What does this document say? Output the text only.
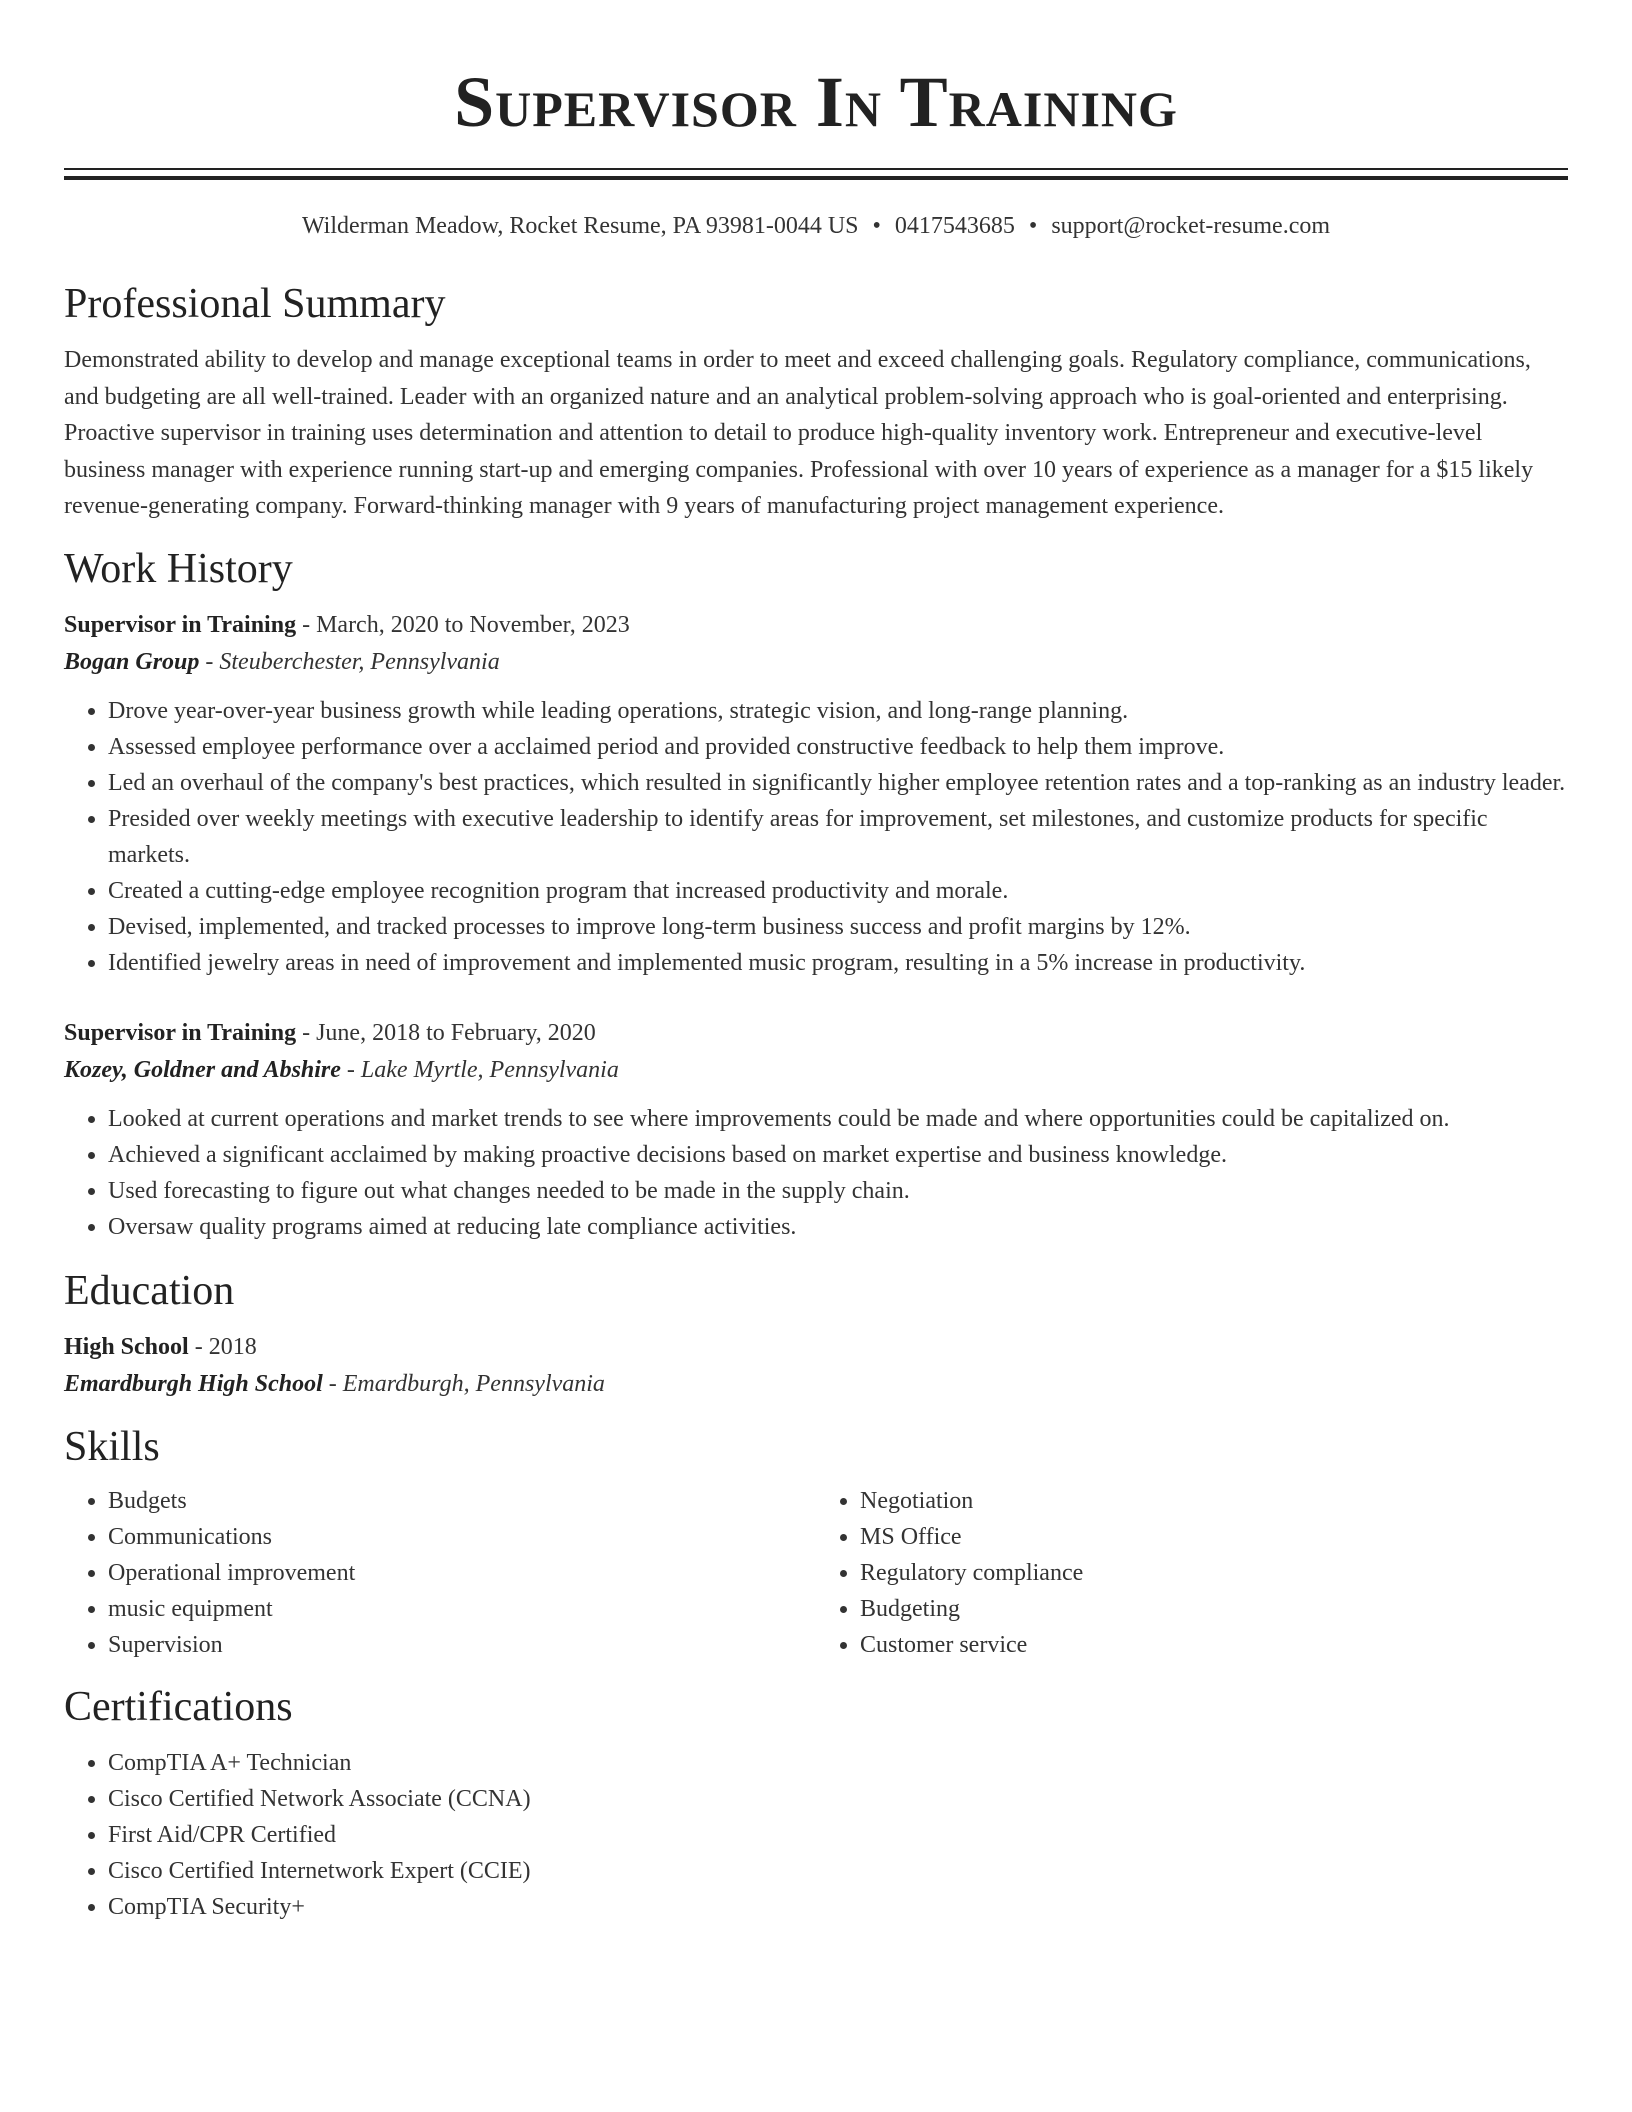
Supervisor In Training
Wilderman Meadow, Rocket Resume, PA 93981-0044 US • 0417543685 • support@rocket-resume.com
Professional Summary

Demonstrated ability to develop and manage exceptional teams in order to meet and exceed challenging goals. Regulatory compliance, communications, and budgeting are all well-trained. Leader with an organized nature and an analytical problem-solving approach who is goal-oriented and enterprising. Proactive supervisor in training uses determination and attention to detail to produce high-quality inventory work. Entrepreneur and executive-level business manager with experience running start-up and emerging companies. Professional with over 10 years of experience as a manager for a $15 likely revenue-generating company. Forward-thinking manager with 9 years of manufacturing project management experience.

Work History
Supervisor in Training - March, 2020 to November, 2023
Bogan Group - Steuberchester, Pennsylvania
• Drove year-over-year business growth while leading operations, strategic vision, and long-range planning.
• Assessed employee performance over a acclaimed period and provided constructive feedback to help them improve.
• Led an overhaul of the company's best practices, which resulted in significantly higher employee retention rates and a top-ranking as an industry leader.
• Presided over weekly meetings with executive leadership to identify areas for improvement, set milestones, and customize products for specific markets.
• Created a cutting-edge employee recognition program that increased productivity and morale.
• Devised, implemented, and tracked processes to improve long-term business success and profit margins by 12%.
• Identified jewelry areas in need of improvement and implemented music program, resulting in a 5% increase in productivity.
Supervisor in Training - June, 2018 to February, 2020
Kozey, Goldner and Abshire - Lake Myrtle, Pennsylvania
• Looked at current operations and market trends to see where improvements could be made and where opportunities could be capitalized on.
• Achieved a significant acclaimed by making proactive decisions based on market expertise and business knowledge.
• Used forecasting to figure out what changes needed to be made in the supply chain.
• Oversaw quality programs aimed at reducing late compliance activities.
Education
High School - 2018
Emardburgh High School - Emardburgh, Pennsylvania
Skills
• Budgets
• Communications
• Operational improvement
• music equipment
• Supervision
• Negotiation
• MS Office
• Regulatory compliance
• Budgeting
• Customer service
Certifications
• CompTIA A+ Technician
• Cisco Certified Network Associate (CCNA)
• First Aid/CPR Certified
• Cisco Certified Internetwork Expert (CCIE)
• CompTIA Security+
